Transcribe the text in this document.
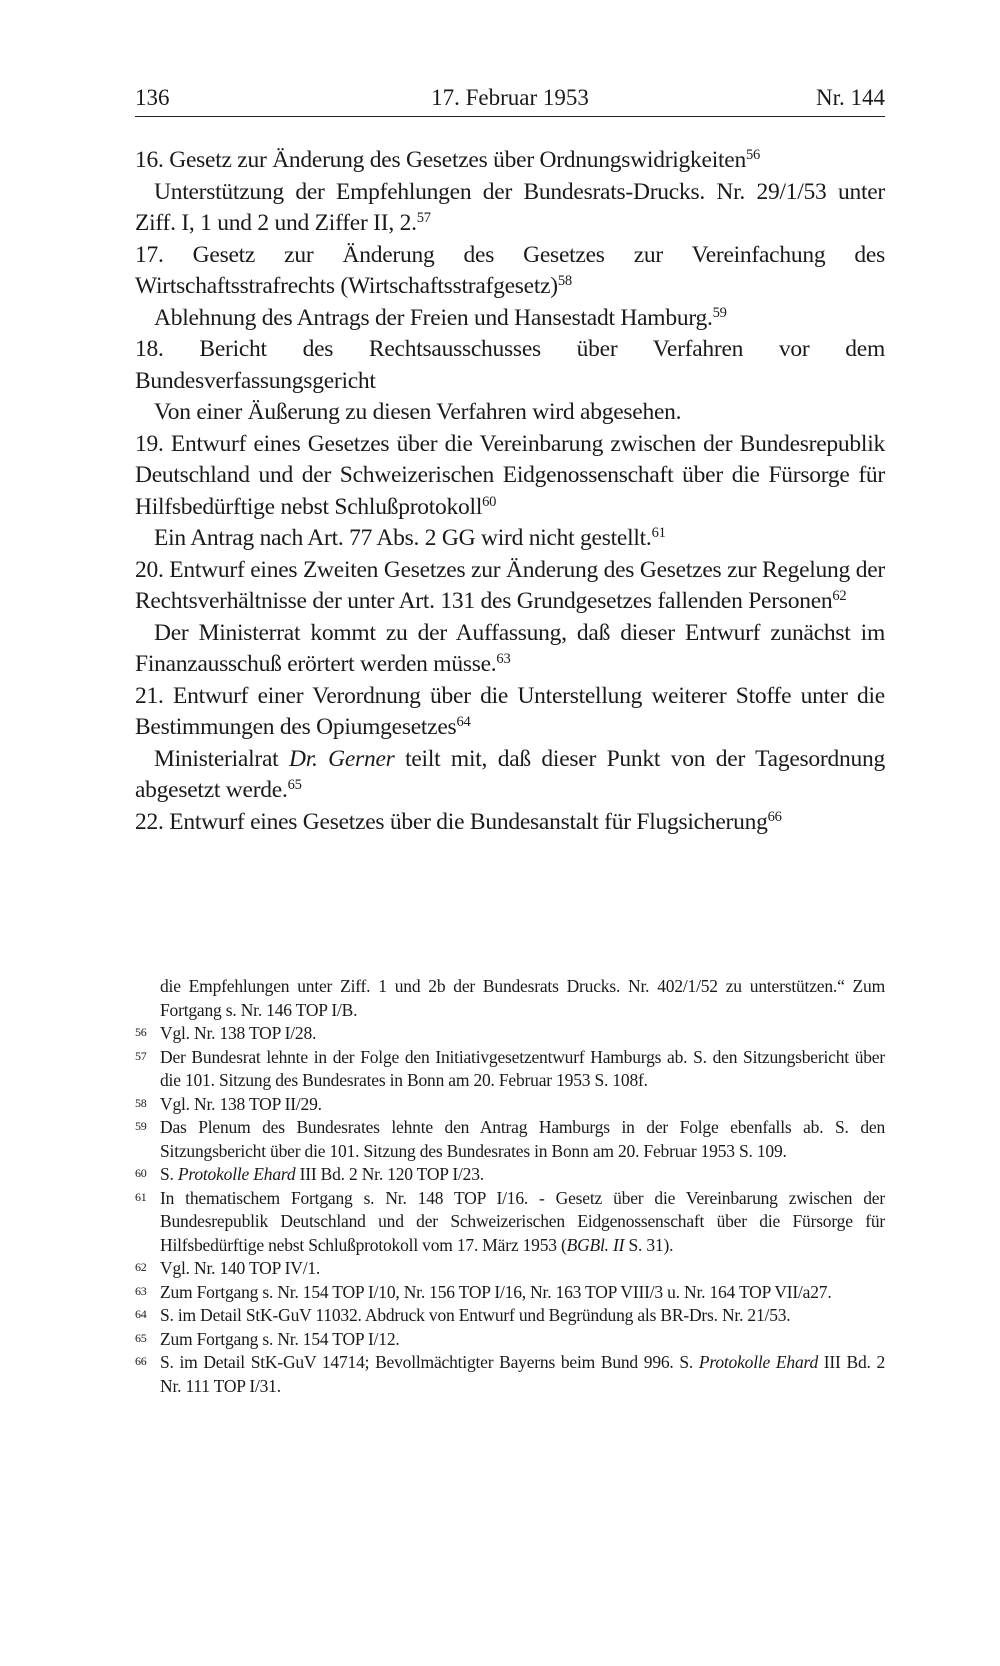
136	17. Februar 1953	Nr. 144

16. Gesetz zur Änderung des Gesetzes über Ordnungswidrigkeiten$^{56}$

Unterstützung der Empfehlungen der Bundesrats-Drucks. Nr. 29/1/53 unter Ziff. I, 1 und 2 und Ziffer II, 2.57

17. Gesetz zur Änderung des Gesetzes zur Vereinfachung des Wirtschaftsstrafrechts (Wirtschaftsstrafgesetz)$^{58}$

Ablehnung des Antrags der Freien und Hansestadt Hamburg.$^{59}$

18. Bericht des Rechtsausschusses über Verfahren vor dem Bundesverfassungsgericht

Von einer Äußerung zu diesen Verfahren wird abgesehen.

19. Entwurf eines Gesetzes über die Vereinbarung zwischen der Bundesrepublik Deutschland und der Schweizerischen Eidgenossenschaft über die Fürsorge für Hilfsbedürftige nebst Schlußprotokoll$^{60}$

Ein Antrag nach Art. 77 Abs. 2 GG wird nicht gestellt.$^{61}$

20. Entwurf eines Zweiten Gesetzes zur Änderung des Gesetzes zur Regelung der Rechtsverhältnisse der unter Art. 131 des Grundgesetzes fallenden Personen$^{62}$

Der Ministerrat kommt zu der Auffassung, daß dieser Entwurf zunächst im Finanzausschuß erörtert werden müsse.$^{63}$

21. Entwurf einer Verordnung über die Unterstellung weiterer Stoffe unter die Bestimmungen des Opiumgesetzes$^{64}$

Ministerialrat Dr. Gerner teilt mit, daß dieser Punkt von der Tagesordnung abgesetzt werde.$^{65}$

22. Entwurf eines Gesetzes über die Bundesanstalt für Flugsicherung$^{66}$

die Empfehlungen unter Ziff. 1 und 2b der Bundesrats Drucks. Nr. 402/1/52 zu unterstützen.“ Zum Fortgang s. Nr. 146 TOP I/B.

56 Vgl. Nr. 138 TOP I/28.

57 Der Bundesrat lehnte in der Folge den Initiativgesetzentwurf Hamburgs ab. S. den Sitzungsbericht über die 101. Sitzung des Bundesrates in Bonn am 20. Februar 1953 S. 108f.

58 Vgl. Nr. 138 TOP II/29.

59 Das Plenum des Bundesrates lehnte den Antrag Hamburgs in der Folge ebenfalls ab. S. den Sitzungsbericht über die 101. Sitzung des Bundesrates in Bonn am 20. Februar 1953 S. 109.

60 S. Protokolle Ehard III Bd. 2 Nr. 120 TOP I/23.

61 In thematischem Fortgang s. Nr. 148 TOP I/16. - Gesetz über die Vereinbarung zwischen der Bundesrepublik Deutschland und der Schweizerischen Eidgenossenschaft über die Fürsorge für Hilfsbedürftige nebst Schlußprotokoll vom 17. März 1953 (BGBl. II S. 31).

62 Vgl. Nr. 140 TOP IV/1.

63 Zum Fortgang s. Nr. 154 TOP I/10, Nr. 156 TOP I/16, Nr. 163 TOP VIII/3 u. Nr. 164 TOP VII/a27.

64 S. im Detail StK-GuV 11032. Abdruck von Entwurf und Begründung als BR-Drs. Nr. 21/53.

65 Zum Fortgang s. Nr. 154 TOP I/12.

66 S. im Detail StK-GuV 14714; Bevollmächtigter Bayerns beim Bund 996. S. Protokolle Ehard III Bd. 2 Nr. 111 TOP I/31.
